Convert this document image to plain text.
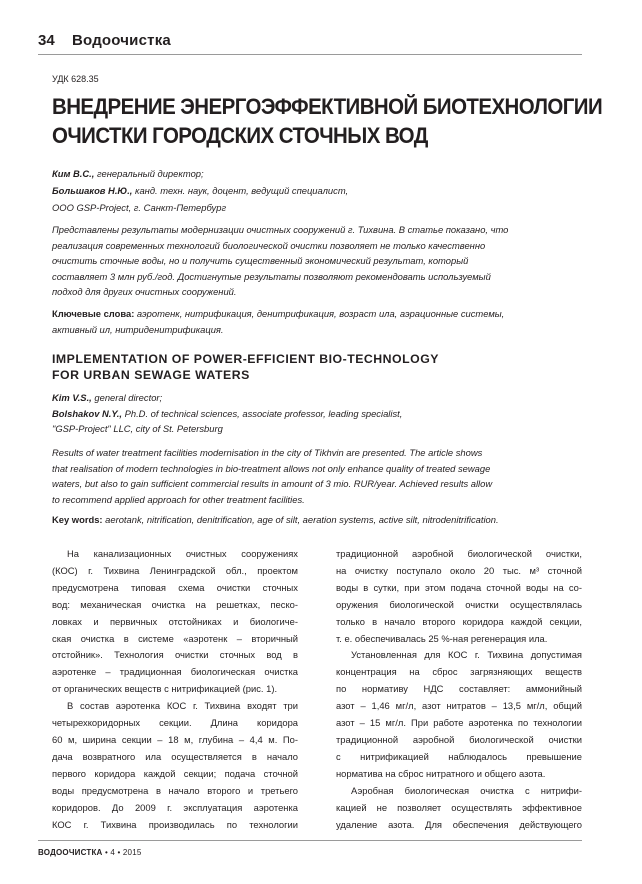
34 Водоочистка
УДК 628.35
ВНЕДРЕНИЕ ЭНЕРГОЭФФЕКТИВНОЙ БИОТЕХНОЛОГИИ
ОЧИСТКИ ГОРОДСКИХ СТОЧНЫХ ВОД
Ким В.С., генеральный директор;
Большаков Н.Ю., канд. техн. наук, доцент, ведущий специалист,
ООО GSP-Project, г. Санкт-Петербург
Представлены результаты модернизации очистных сооружений г. Тихвина. В статье показано, что
реализация современных технологий биологической очистки позволяет не только качественно
очистить сточные воды, но и получить существенный экономический результат, который
составляет 3 млн руб./год. Достигнутые результаты позволяют рекомендовать используемый
подход для других очистных сооружений.
Ключевые слова: аэротенк, нитрификация, денитрификация, возраст ила, аэрационные системы,
активный ил, нитриденитрификация.
IMPLEMENTATION OF POWER-EFFICIENT BIO-TECHNOLOGY
FOR URBAN SEWAGE WATERS
Kim V.S., general director;
Bolshakov N.Y., Ph.D. of technical sciences, associate professor, leading specialist,
"GSP-Project" LLC, city of St. Petersburg
Results of water treatment facilities modernisation in the city of Tikhvin are presented. The article shows
that realisation of modern technologies in bio-treatment allows not only enhance quality of treated sewage
waters, but also to gain sufficient commercial results in amount of 3 mio. RUR/year. Achieved results allow
to recommend applied approach for other treatment facilities.
Key words: aerotank, nitrification, denitrification, age of silt, aeration systems, active silt, nitrodenitrification.
На канализационных очистных сооружениях
(КОС) г. Тихвина Ленинградской обл., проектом
предусмотрена типовая схема очистки сточных
вод: механическая очистка на решетках, песко-
ловках и первичных отстойниках и биологиче-
ская очистка в системе «аэротенк – вторичный
отстойник». Технология очистки сточных вод в
аэротенке – традиционная биологическая очистка
от органических веществ с нитрификацией (рис. 1).
В состав аэротенка КОС г. Тихвина входят три
четырехкоридорных секции. Длина коридора
60 м, ширина секции – 18 м, глубина – 4,4 м. По-
дача возвратного ила осуществляется в начало
первого коридора каждой секции; подача сточной
воды предусмотрена в начало второго и третьего
коридоров. До 2009 г. эксплуатация аэротенка
КОС г. Тихвина производилась по технологии
традиционной аэробной биологической очистки,
на очистку поступало около 20 тыс. м³ сточной
воды в сутки, при этом подача сточной воды на со-
оружения биологической очистки осуществлялась
только в начало второго коридора каждой секции,
т. е. обеспечивалась 25 %-ная регенерация ила.
Установленная для КОС г. Тихвина допустимая
концентрация на сброс загрязняющих веществ
по нормативу НДС составляет: аммонийный
азот – 1,46 мг/л, азот нитратов – 13,5 мг/л, общий
азот – 15 мг/л. При работе аэротенка по технологии
традиционной аэробной биологической очистки
с нитрификацией наблюдалось превышение
норматива на сброс нитратного и общего азота.
Аэробная биологическая очистка с нитрифи-
кацией не позволяет осуществлять эффективное
удаление азота. Для обеспечения действующего
ВОДООЧИСТКА • 4 • 2015
